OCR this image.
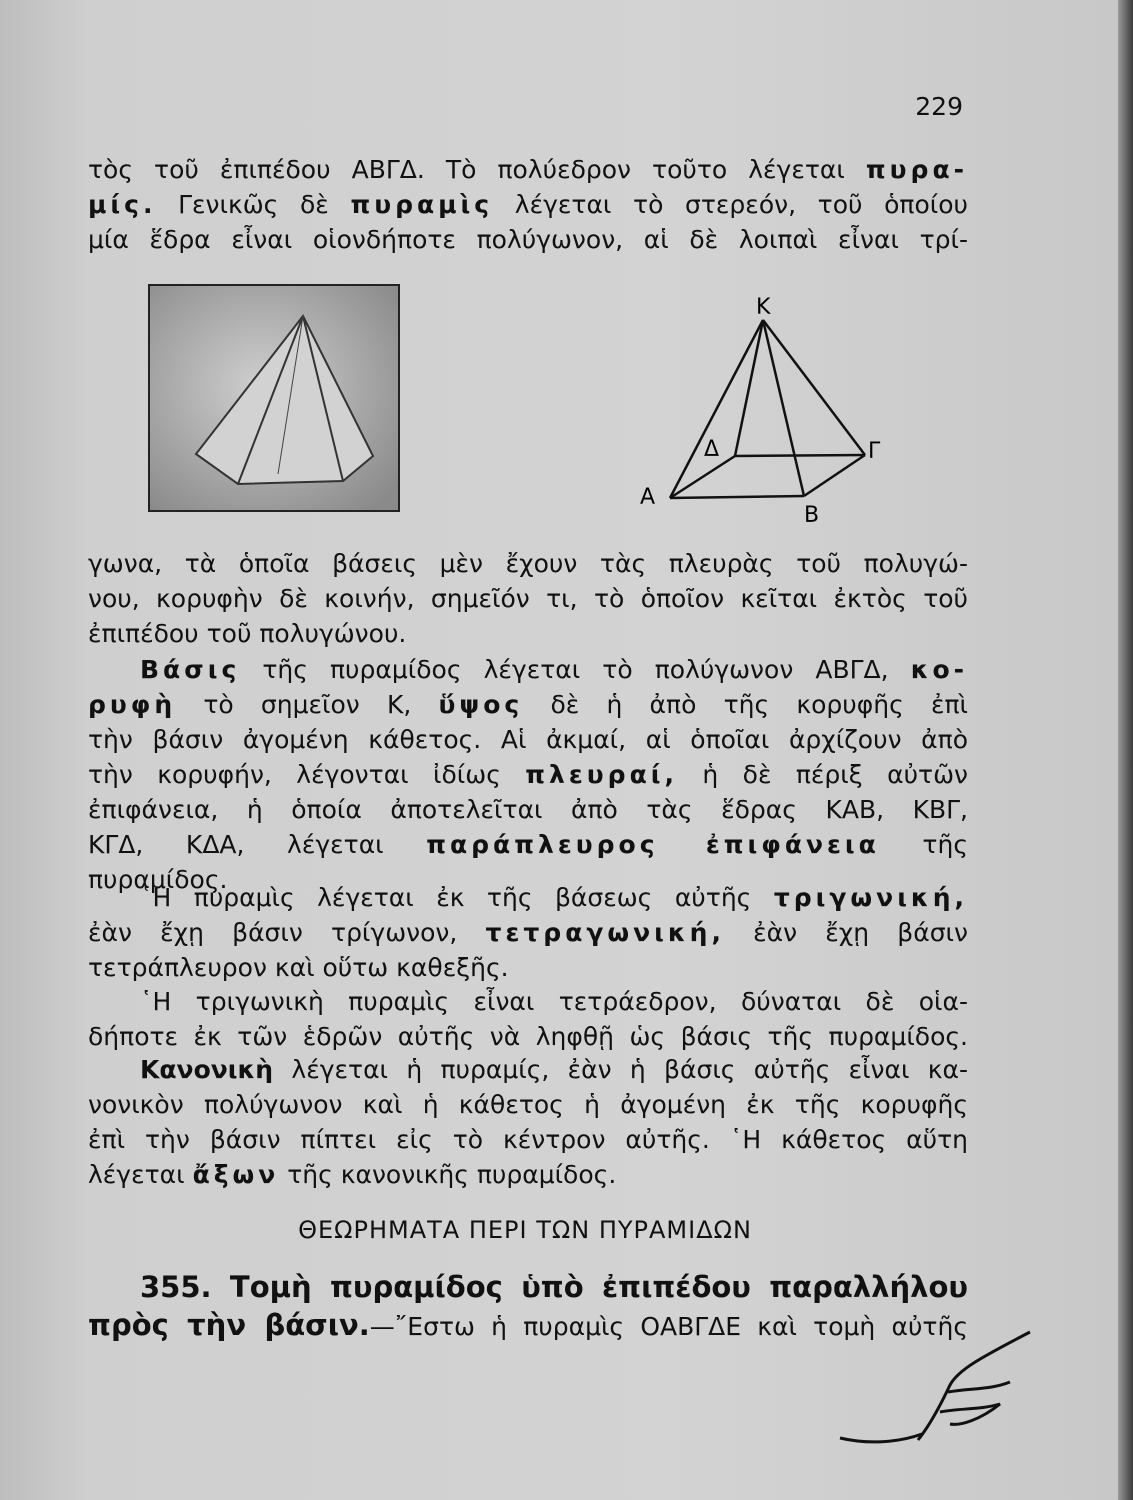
229
τὸς τοῦ ἐπιπέδου ΑΒΓΔ. Τὸ πολύεδρον τοῦτο λέγεται πυρα-
μίς. Γενικῶς δὲ πυραμὶς λέγεται τὸ στερεόν, τοῦ ὁποίου
μία ἕδρα εἶναι οἱονδήποτε πολύγωνον, αἱ δὲ λοιπαὶ εἶναι τρί-
Κ
Α
Β
Γ
Δ
γωνα, τὰ ὁποῖα βάσεις μὲν ἔχουν τὰς πλευρὰς τοῦ πολυγώ-
νου, κορυφὴν δὲ κοινήν, σημεῖόν τι, τὸ ὁποῖον κεῖται ἐκτὸς τοῦ
ἐπιπέδου τοῦ πολυγώνου.
Βάσις τῆς πυραμίδος λέγεται τὸ πολύγωνον ΑΒΓΔ, κο-
ρυφὴ τὸ σημεῖον Κ, ὕψος δὲ ἡ ἀπὸ τῆς κορυφῆς ἐπὶ
τὴν βάσιν ἀγομένη κάθετος. Αἱ ἀκμαί, αἱ ὁποῖαι ἀρχίζουν ἀπὸ
τὴν κορυφήν, λέγονται ἰδίως πλευραί, ἡ δὲ πέριξ αὐτῶν
ἐπιφάνεια, ἡ ὁποία ἀποτελεῖται ἀπὸ τὰς ἕδρας ΚΑΒ, ΚΒΓ,
ΚΓΔ, ΚΔΑ, λέγεται παράπλευρος ἐπιφάνεια τῆς
πυραμίδος.
῾Η πυραμὶς λέγεται ἐκ τῆς βάσεως αὐτῆς τριγωνική,
ἐὰν ἔχῃ βάσιν τρίγωνον, τετραγωνική, ἐὰν ἔχῃ βάσιν
τετράπλευρον καὶ οὕτω καθεξῆς.
῾Η τριγωνικὴ πυραμὶς εἶναι τετράεδρον, δύναται δὲ οἱα-
δήποτε ἐκ τῶν ἑδρῶν αὐτῆς νὰ ληφθῇ ὡς βάσις τῆς πυραμίδος.
Κανονικὴ λέγεται ἡ πυραμίς, ἐὰν ἡ βάσις αὐτῆς εἶναι κα-
νονικὸν πολύγωνον καὶ ἡ κάθετος ἡ ἀγομένη ἐκ τῆς κορυφῆς
ἐπὶ τὴν βάσιν πίπτει εἰς τὸ κέντρον αὐτῆς. ῾Η κάθετος αὕτη
λέγεται ἄξων τῆς κανονικῆς πυραμίδος.
ΘΕΩΡΗΜΑΤΑ ΠΕΡΙ ΤΩΝ ΠΥΡΑΜΙΔΩΝ
355. Τομὴ πυραμίδος ὑπὸ ἐπιπέδου παραλλήλου
πρὸς τὴν βάσιν.—῎Εστω ἡ πυραμὶς ΟΑΒΓΔΕ καὶ τομὴ αὐτῆς
